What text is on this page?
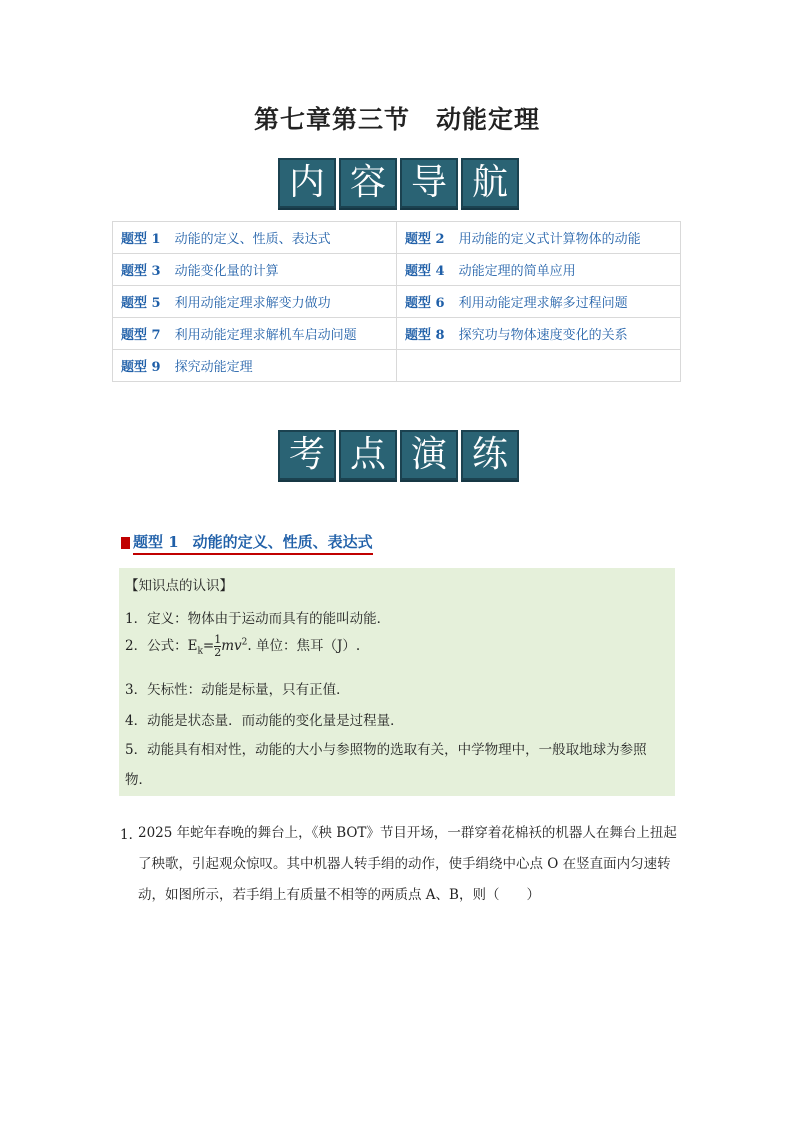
第七章第三节　动能定理
内 容 导 航
题型 1 动能的定义、性质、表达式	题型 2 用动能的定义式计算物体的动能
题型 3 动能变化量的计算	题型 4 动能定理的简单应用
题型 5 利用动能定理求解变力做功	题型 6 利用动能定理求解多过程问题
题型 7 利用动能定理求解机车启动问题	题型 8 探究功与物体速度变化的关系
题型 9 探究动能定理	
考 点 演 练
题型 1 动能的定义、性质、表达式
【知识点的认识】
1．定义：物体由于运动而具有的能叫动能．
2．公式：$E_k= \frac{1}{2} mv^2$. 单位：焦耳（J）.
3．矢标性：动能是标量，只有正值．
4．动能是状态量．而动能的变化量是过程量．
5．动能具有相对性，动能的大小与参照物的选取有关，中学物理中，一般取地球为参照物．
1．
2025 年蛇年春晚的舞台上，《秧 BOT》节目开场，一群穿着花棉袄的机器人在舞台上扭起了秧歌，引起观众惊叹。其中机器人转手绢的动作，使手绢绕中心点 O 在竖直面内匀速转动，如图所示，若手绢上有质量不相等的两质点 A、B，则（　　）
